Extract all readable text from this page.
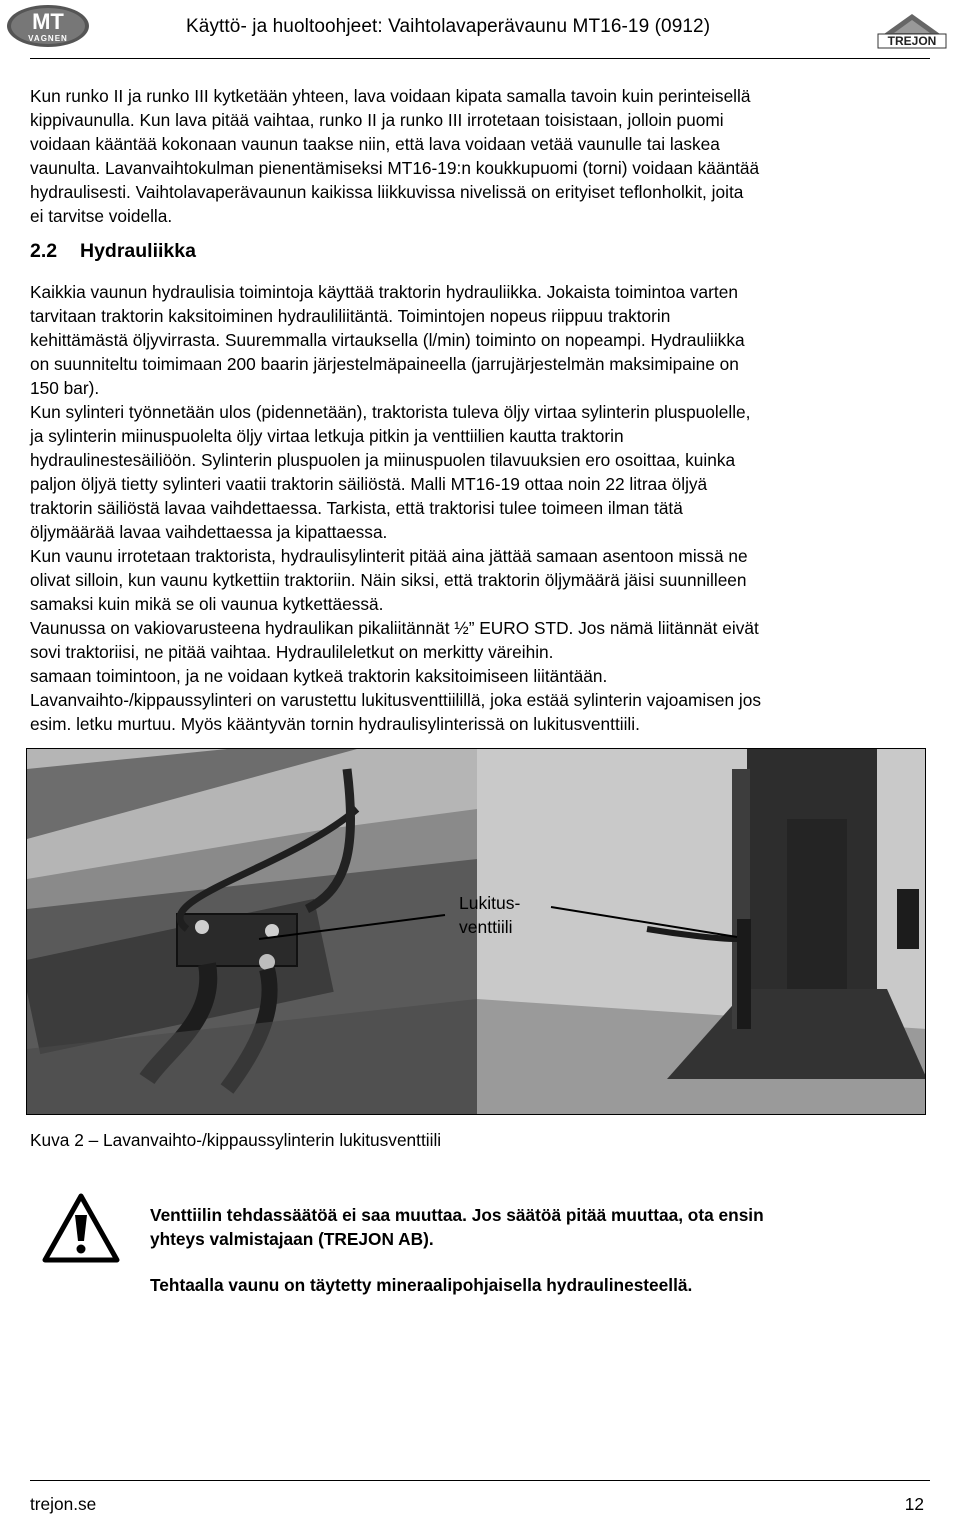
MT
VAGNEN
Käyttö- ja huoltoohjeet: Vaihtolavaperävaunu MT16-19 (0912)
TREJON
Kun runko II ja runko III kytketään yhteen, lava voidaan kipata samalla tavoin kuin perinteisellä
kippivaunulla. Kun lava pitää vaihtaa, runko II ja runko III irrotetaan toisistaan, jolloin puomi
voidaan kääntää kokonaan vaunun taakse niin, että lava voidaan vetää vaunulle tai laskea
vaunulta. Lavanvaihtokulman pienentämiseksi MT16-19:n koukkupuomi (torni) voidaan kääntää
hydraulisesti. Vaihtolavaperävaunun kaikissa liikkuvissa nivelissä on erityiset teflonholkit, joita
ei tarvitse voidella.
2.2 Hydrauliikka
Kaikkia vaunun hydraulisia toimintoja käyttää traktorin hydrauliikka. Jokaista toimintoa varten
tarvitaan traktorin kaksitoiminen hydrauliliitäntä. Toimintojen nopeus riippuu traktorin
kehittämästä öljyvirrasta. Suuremmalla virtauksella (l/min) toiminto on nopeampi. Hydrauliikka
on suunniteltu toimimaan 200 baarin järjestelmäpaineella (jarrujärjestelmän maksimipaine on
150 bar).
Kun sylinteri työnnetään ulos (pidennetään), traktorista tuleva öljy virtaa sylinterin pluspuolelle,
ja sylinterin miinuspuolelta öljy virtaa letkuja pitkin ja venttiilien kautta traktorin
hydraulinestesäiliöön. Sylinterin pluspuolen ja miinuspuolen tilavuuksien ero osoittaa, kuinka
paljon öljyä tietty sylinteri vaatii traktorin säiliöstä. Malli MT16-19 ottaa noin 22 litraa öljyä
traktorin säiliöstä lavaa vaihdettaessa. Tarkista, että traktorisi tulee toimeen ilman tätä
öljymäärää lavaa vaihdettaessa ja kipattaessa.
Kun vaunu irrotetaan traktorista, hydraulisylinterit pitää aina jättää samaan asentoon missä ne
olivat silloin, kun vaunu kytkettiin traktoriin. Näin siksi, että traktorin öljymäärä jäisi suunnilleen
samaksi kuin mikä se oli vaunua kytkettäessä.
Vaunussa on vakiovarusteena hydraulikan pikaliitännät ½” EURO STD. Jos nämä liitännät eivät
sovi traktoriisi, ne pitää vaihtaa. Hydraulileletkut on merkitty väreihin.
samaan toimintoon, ja ne voidaan kytkeä traktorin kaksitoimiseen liitäntään.
Lavanvaihto-/kippaussylinteri on varustettu lukitusventtiilillä, joka estää sylinterin vajoamisen jos
esim. letku murtuu. Myös kääntyvän tornin hydraulisylinterissä on lukitusventtiili.
Lukitus-
venttiili
Kuva 2 – Lavanvaihto-/kippaussylinterin lukitusventtiili
Venttiilin tehdassäätöä ei saa muuttaa. Jos säätöä pitää muuttaa, ota ensin
yhteys valmistajaan (TREJON AB).
Tehtaalla vaunu on täytetty mineraalipohjaisella hydraulinesteellä.
trejon.se	12
